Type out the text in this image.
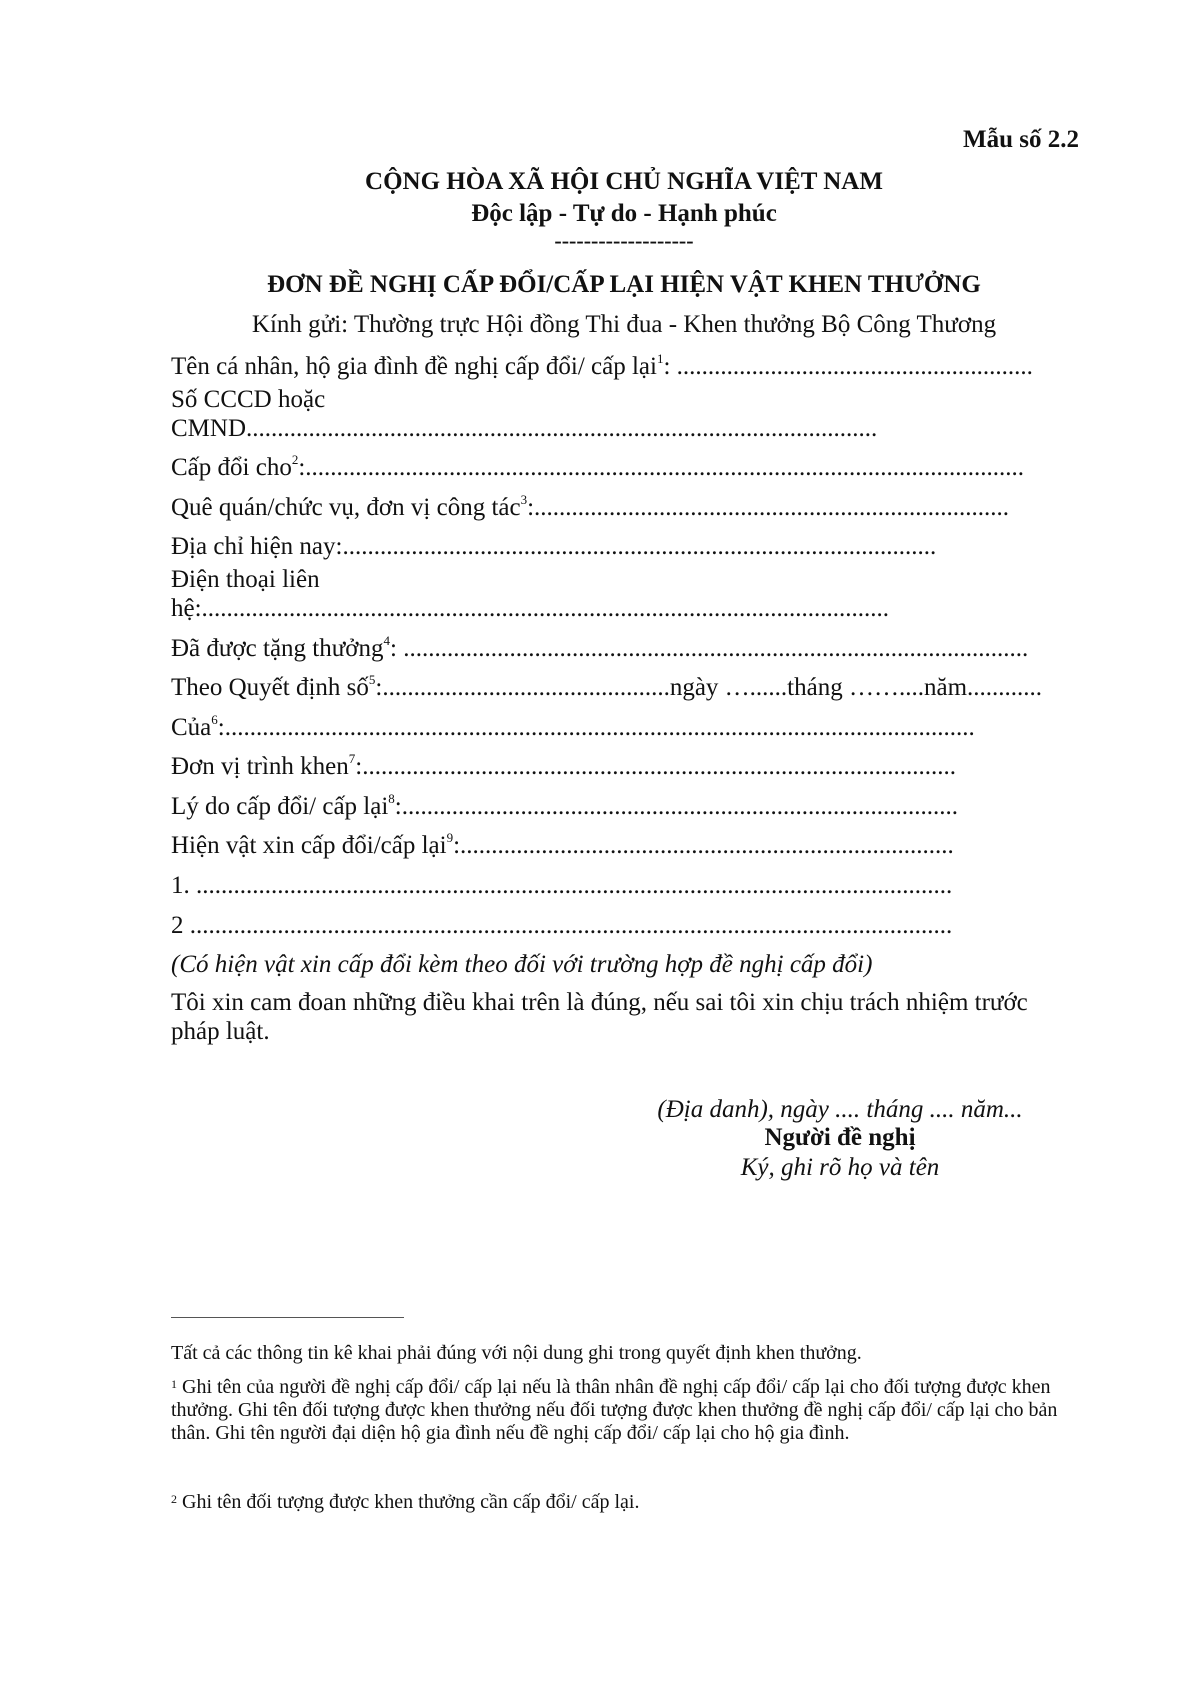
Mẫu số 2.2
CỘNG HÒA XÃ HỘI CHỦ NGHĨA VIỆT NAM
Độc lập - Tự do - Hạnh phúc
-------------------
ĐƠN ĐỀ NGHỊ CẤP ĐỔI/CẤP LẠI HIỆN VẬT KHEN THƯỞNG
Kính gửi: Thường trực Hội đồng Thi đua - Khen thưởng Bộ Công Thương
Tên cá nhân, hộ gia đình đề nghị cấp đổi/ cấp lại$^1$: .........................................................
Số CCCD hoặc
CMND.....................................................................................................
Cấp đổi cho$^2$:...................................................................................................................
Quê quán/chức vụ, đơn vị công tác$^3$:............................................................................
Địa chỉ hiện nay:...............................................................................................
Điện thoại liên
hệ:..............................................................................................................
Đã được tặng thưởng$^4$: ....................................................................................................
Theo Quyết định số$^5$:..............................................ngày …......tháng ……....năm............
Của$^6$:........................................................................................................................
Đơn vị trình khen$^7$:...............................................................................................
Lý do cấp đổi/ cấp lại$^8$:.........................................................................................
Hiện vật xin cấp đổi/cấp lại$^9$:...............................................................................
1. .........................................................................................................................
2 ..........................................................................................................................
(Có hiện vật xin cấp đổi kèm theo đối với trường hợp đề nghị cấp đổi)
Tôi xin cam đoan những điều khai trên là đúng, nếu sai tôi xin chịu trách nhiệm trước pháp luật.
(Địa danh), ngày .... tháng .... năm...
Người đề nghị
Ký, ghi rõ họ và tên
Tất cả các thông tin kê khai phải đúng với nội dung ghi trong quyết định khen thưởng.
$^1$ Ghi tên của người đề nghị cấp đổi/ cấp lại nếu là thân nhân đề nghị cấp đổi/ cấp lại cho đối tượng được khen thưởng. Ghi tên đối tượng được khen thưởng nếu đối tượng được khen thưởng đề nghị cấp đổi/ cấp lại cho bản thân. Ghi tên người đại diện hộ gia đình nếu đề nghị cấp đổi/ cấp lại cho hộ gia đình.
$^2$ Ghi tên đối tượng được khen thưởng cần cấp đổi/ cấp lại.
